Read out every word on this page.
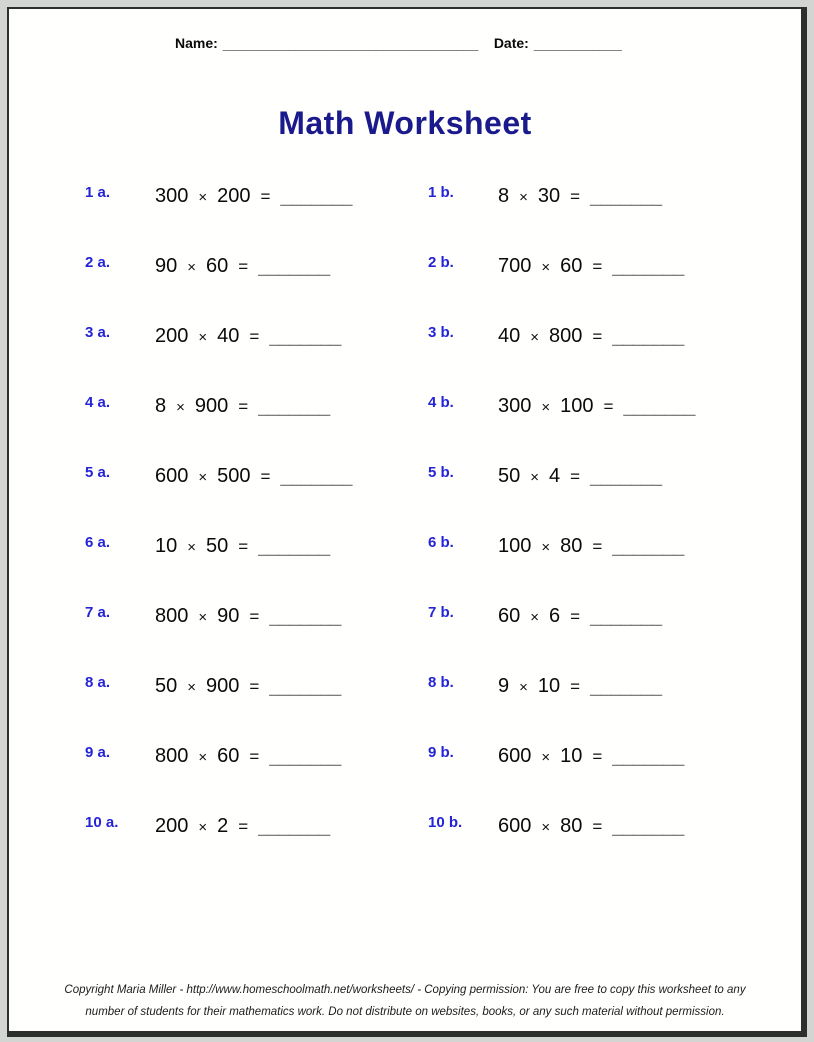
Name: ___________________________________ Date: ____________
Math Worksheet
1 a.	300 × 200 = _______	1 b.	8 × 30 = _______
2 a.	90 × 60 = _______	2 b.	700 × 60 = _______
3 a.	200 × 40 = _______	3 b.	40 × 800 = _______
4 a.	8 × 900 = _______	4 b.	300 × 100 = _______
5 a.	600 × 500 = _______	5 b.	50 × 4 = _______
6 a.	10 × 50 = _______	6 b.	100 × 80 = _______
7 a.	800 × 90 = _______	7 b.	60 × 6 = _______
8 a.	50 × 900 = _______	8 b.	9 × 10 = _______
9 a.	800 × 60 = _______	9 b.	600 × 10 = _______
10 a.	200 × 2 = _______	10 b.	600 × 80 = _______
Copyright Maria Miller - http://www.homeschoolmath.net/worksheets/ - Copying permission: You are free to copy this worksheet to any
number of students for their mathematics work. Do not distribute on websites, books, or any such material without permission.
